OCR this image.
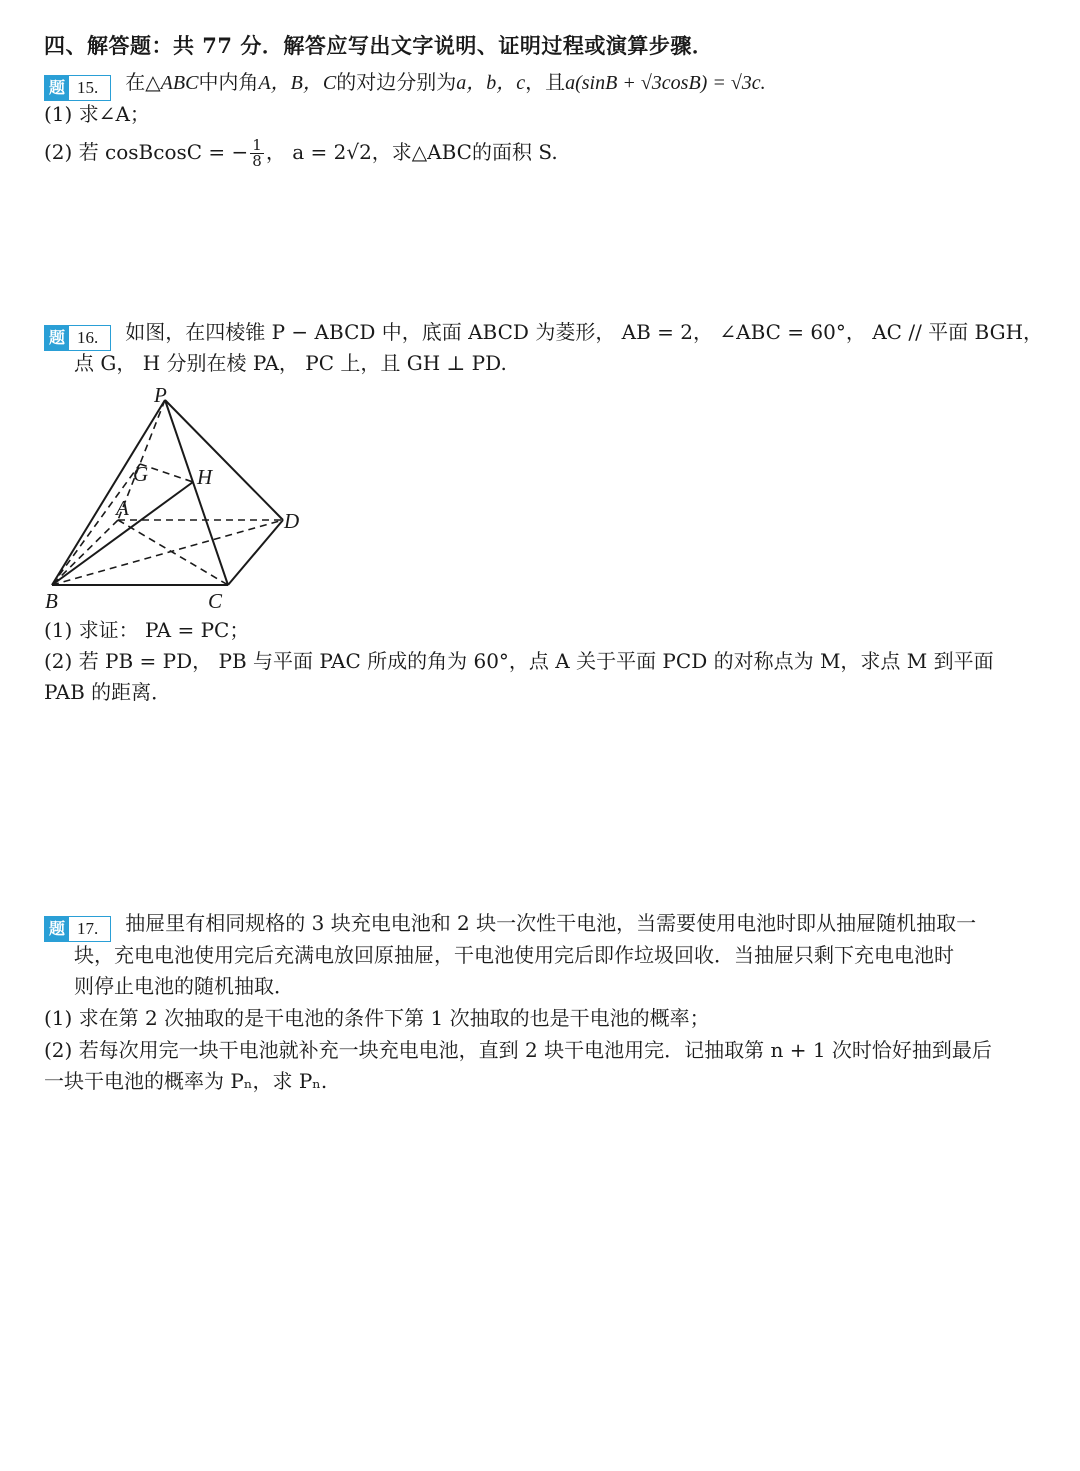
四、解答题：共 77 分．解答应写出文字说明、证明过程或演算步骤．
题 15.	在△ABC中内角A，B，C的对边分别为a，b，c，且a(sinB + √3cosB) = √3c.
(1) 求∠A；
(2) 若 cosBcosC = − $\frac{1}{8}$ ， a = 2√2，求△ABC的面积 S.
题 16.	如图，在四棱锥 P − ABCD 中，底面 ABCD 为菱形， AB = 2， ∠ABC = 60°， AC // 平面 BGH，
点 G， H 分别在棱 PA， PC 上，且 GH ⊥ PD.
P
G H
A
D
B	C
(1) 求证： PA = PC；
(2) 若 PB = PD， PB 与平面 PAC 所成的角为 60°，点 A 关于平面 PCD 的对称点为 M，求点 M 到平面
PAB 的距离．
题 17.	抽屉里有相同规格的 3 块充电电池和 2 块一次性干电池，当需要使用电池时即从抽屉随机抽取一
块，充电电池使用完后充满电放回原抽屉，干电池使用完后即作垃圾回收．当抽屉只剩下充电电池时
则停止电池的随机抽取．
(1) 求在第 2 次抽取的是干电池的条件下第 1 次抽取的也是干电池的概率；
(2) 若每次用完一块干电池就补充一块充电电池，直到 2 块干电池用完．记抽取第 n + 1 次时恰好抽到最后
一块干电池的概率为 Pₙ，求 Pₙ.
